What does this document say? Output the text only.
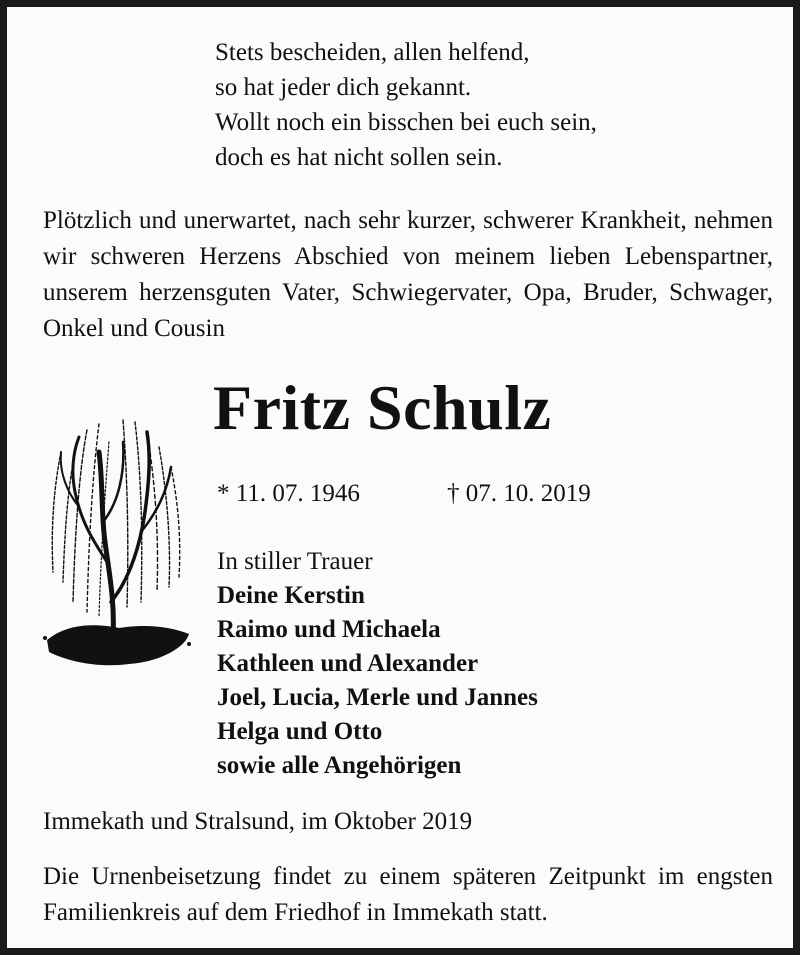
Stets bescheiden, allen helfend,
so hat jeder dich gekannt.
Wollt noch ein bisschen bei euch sein,
doch es hat nicht sollen sein.
Plötzlich und unerwartet, nach sehr kurzer, schwerer Krankheit, nehmen wir schweren Herzens Abschied von meinem lieben Lebenspartner, unserem herzensguten Vater, Schwiegervater, Opa, Bruder, Schwager, Onkel und Cousin
Fritz Schulz
* 11. 07. 1946	† 07. 10. 2019
In stiller Trauer
Deine Kerstin
Raimo und Michaela
Kathleen und Alexander
Joel, Lucia, Merle und Jannes
Helga und Otto
sowie alle Angehörigen
Immekath und Stralsund, im Oktober 2019
Die Urnenbeisetzung findet zu einem späteren Zeitpunkt im engsten Familienkreis auf dem Friedhof in Immekath statt.
